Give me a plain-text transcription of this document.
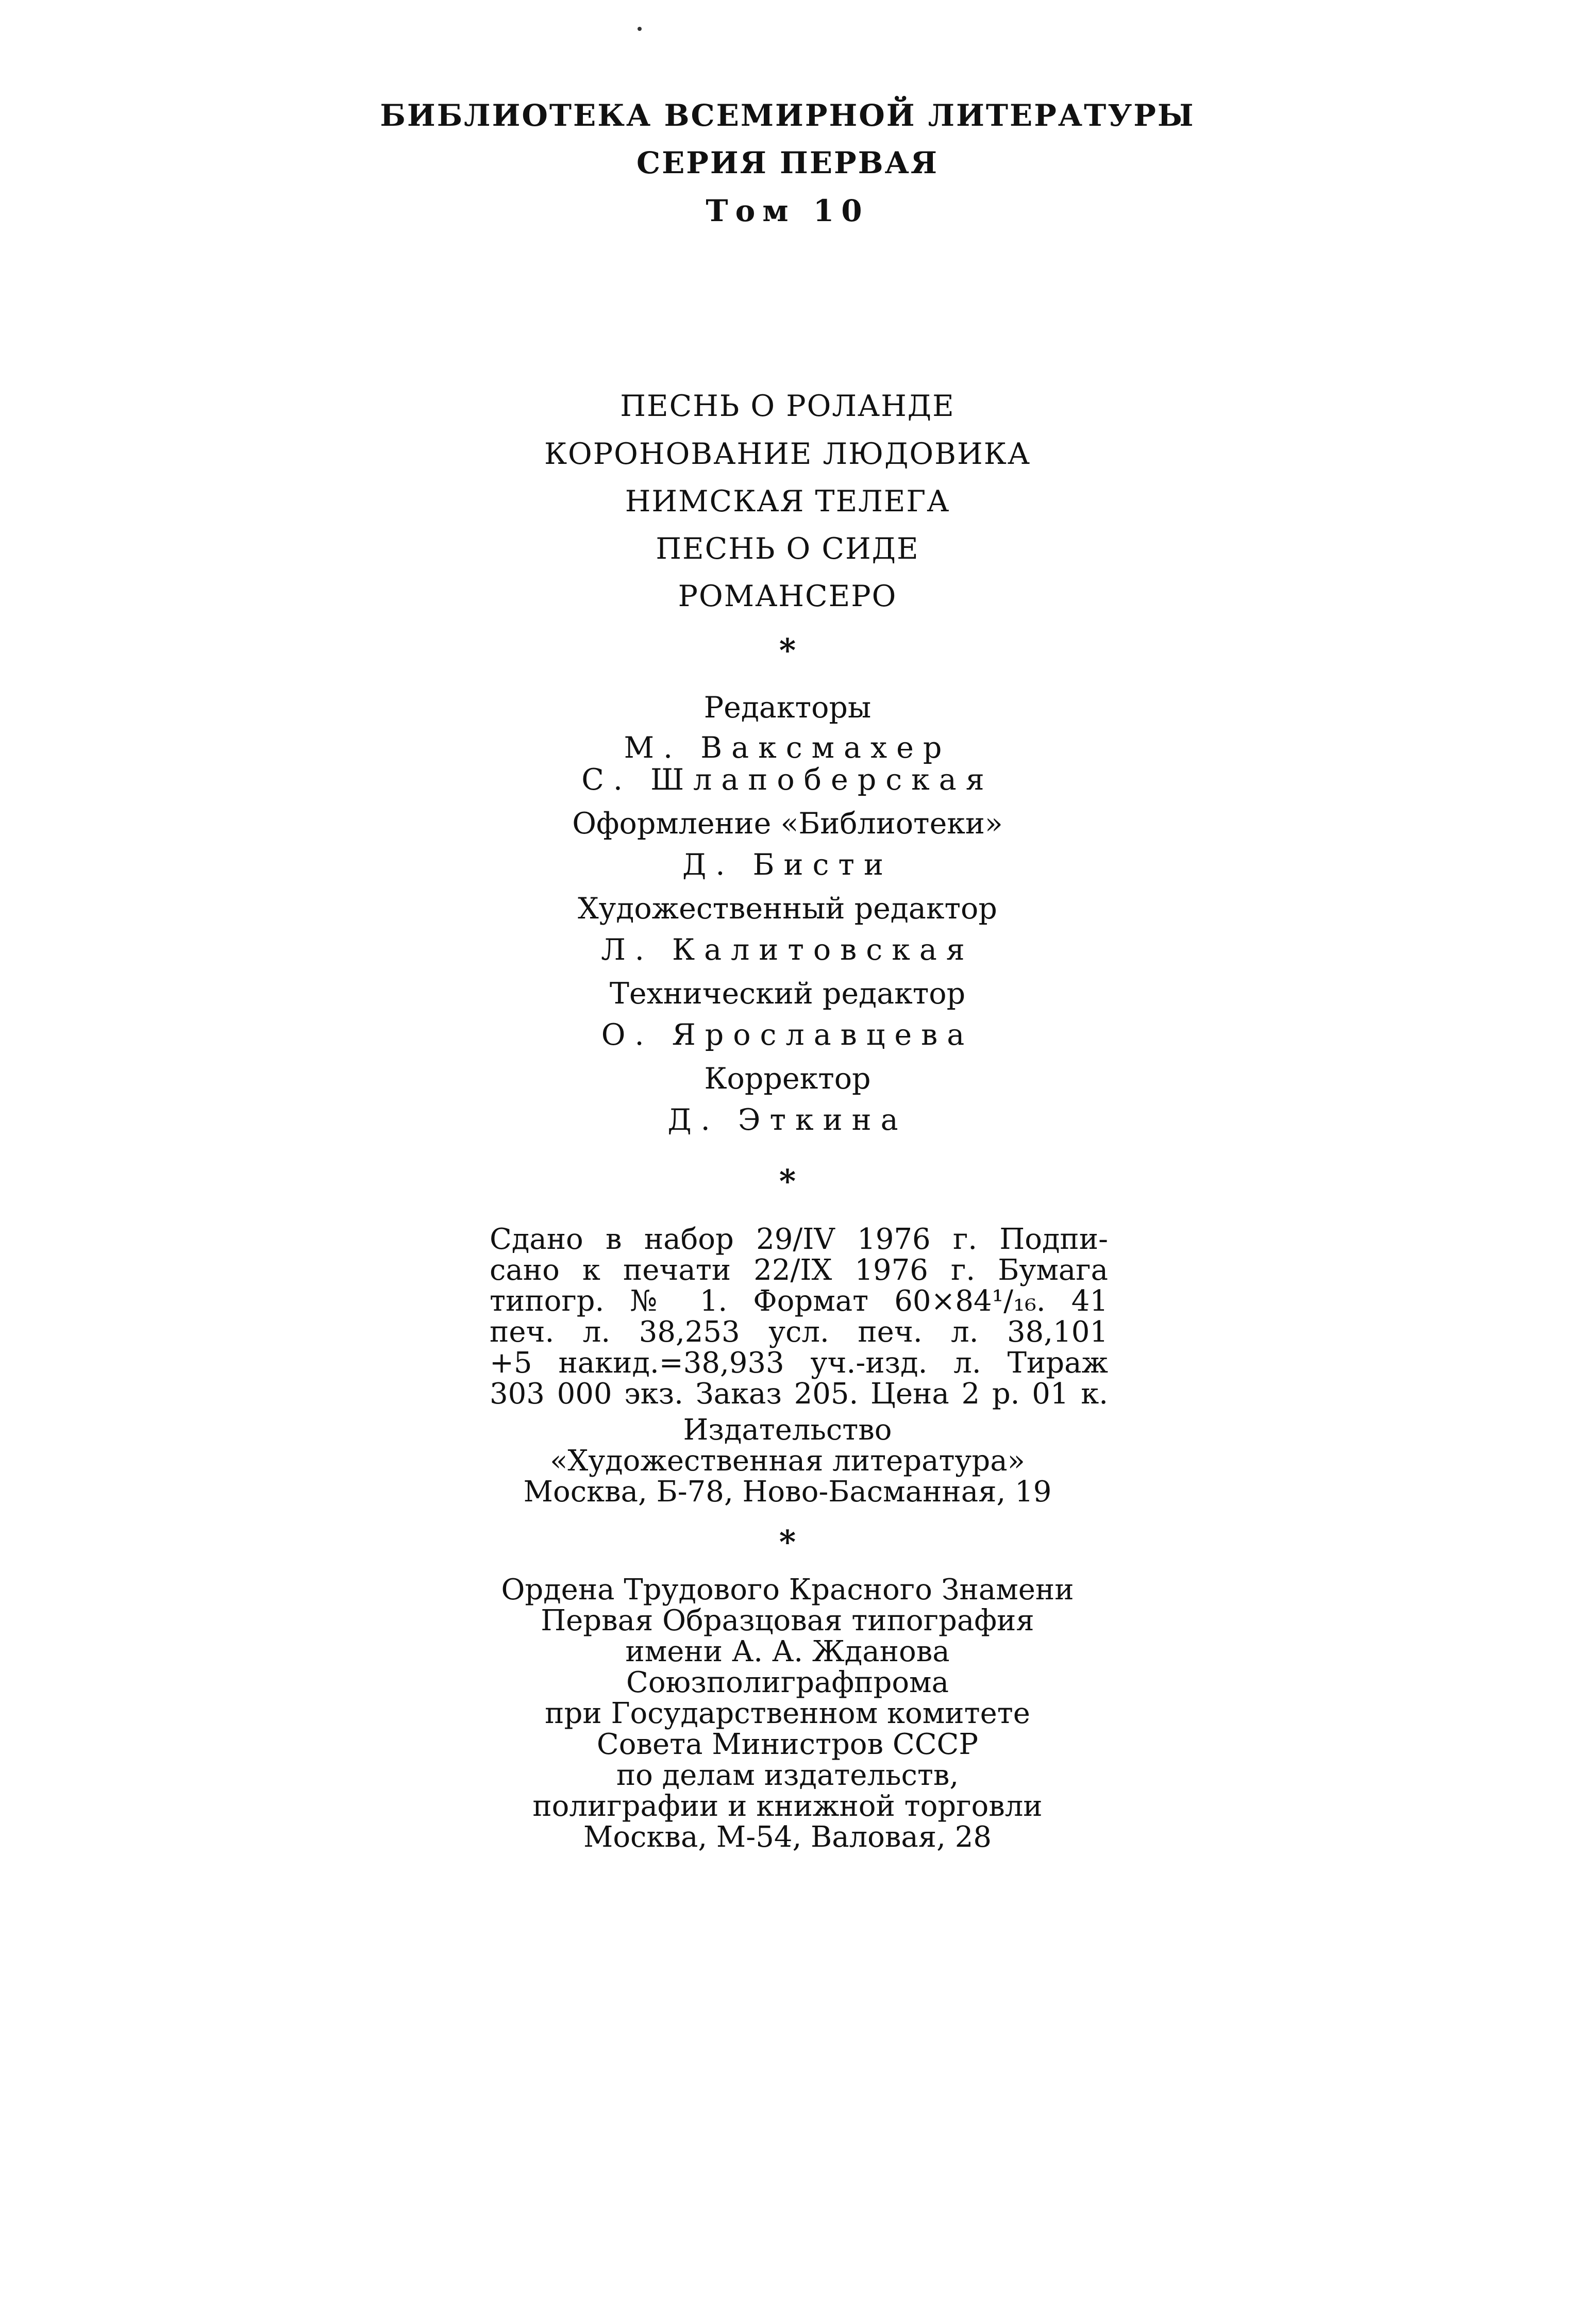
БИБЛИОТЕКА ВСЕМИРНОЙ ЛИТЕРАТУРЫ
СЕРИЯ ПЕРВАЯ
Том 10
ПЕСНЬ О РОЛАНДЕ
КОРОНОВАНИЕ ЛЮДОВИКА
НИМСКАЯ ТЕЛЕГА
ПЕСНЬ О СИДЕ
РОМАНСЕРО
*
Редакторы
М. Ваксмахер
С. Шлапоберская
Оформление «Библиотеки»
Д. Бисти
Художественный редактор
Л. Калитовская
Технический редактор
О. Ярославцева
Корректор
Д. Эткина
*
Сдано в набор 29/IV 1976 г. Подпи-
сано к печати 22/IX 1976 г. Бумага
типогр. № 1. Формат 60×84¹/₁₆. 41
печ. л. 38,253 усл. печ. л. 38,101
+5 накид.=38,933 уч.-изд. л. Тираж
303 000 экз. Заказ 205. Цена 2 р. 01 к.
Издательство
«Художественная литература»
Москва, Б-78, Ново-Басманная, 19
*
Ордена Трудового Красного Знамени
Первая Образцовая типография
имени А. А. Жданова
Союзполиграфпрома
при Государственном комитете
Совета Министров СССР
по делам издательств,
полиграфии и книжной торговли
Москва, М-54, Валовая, 28
